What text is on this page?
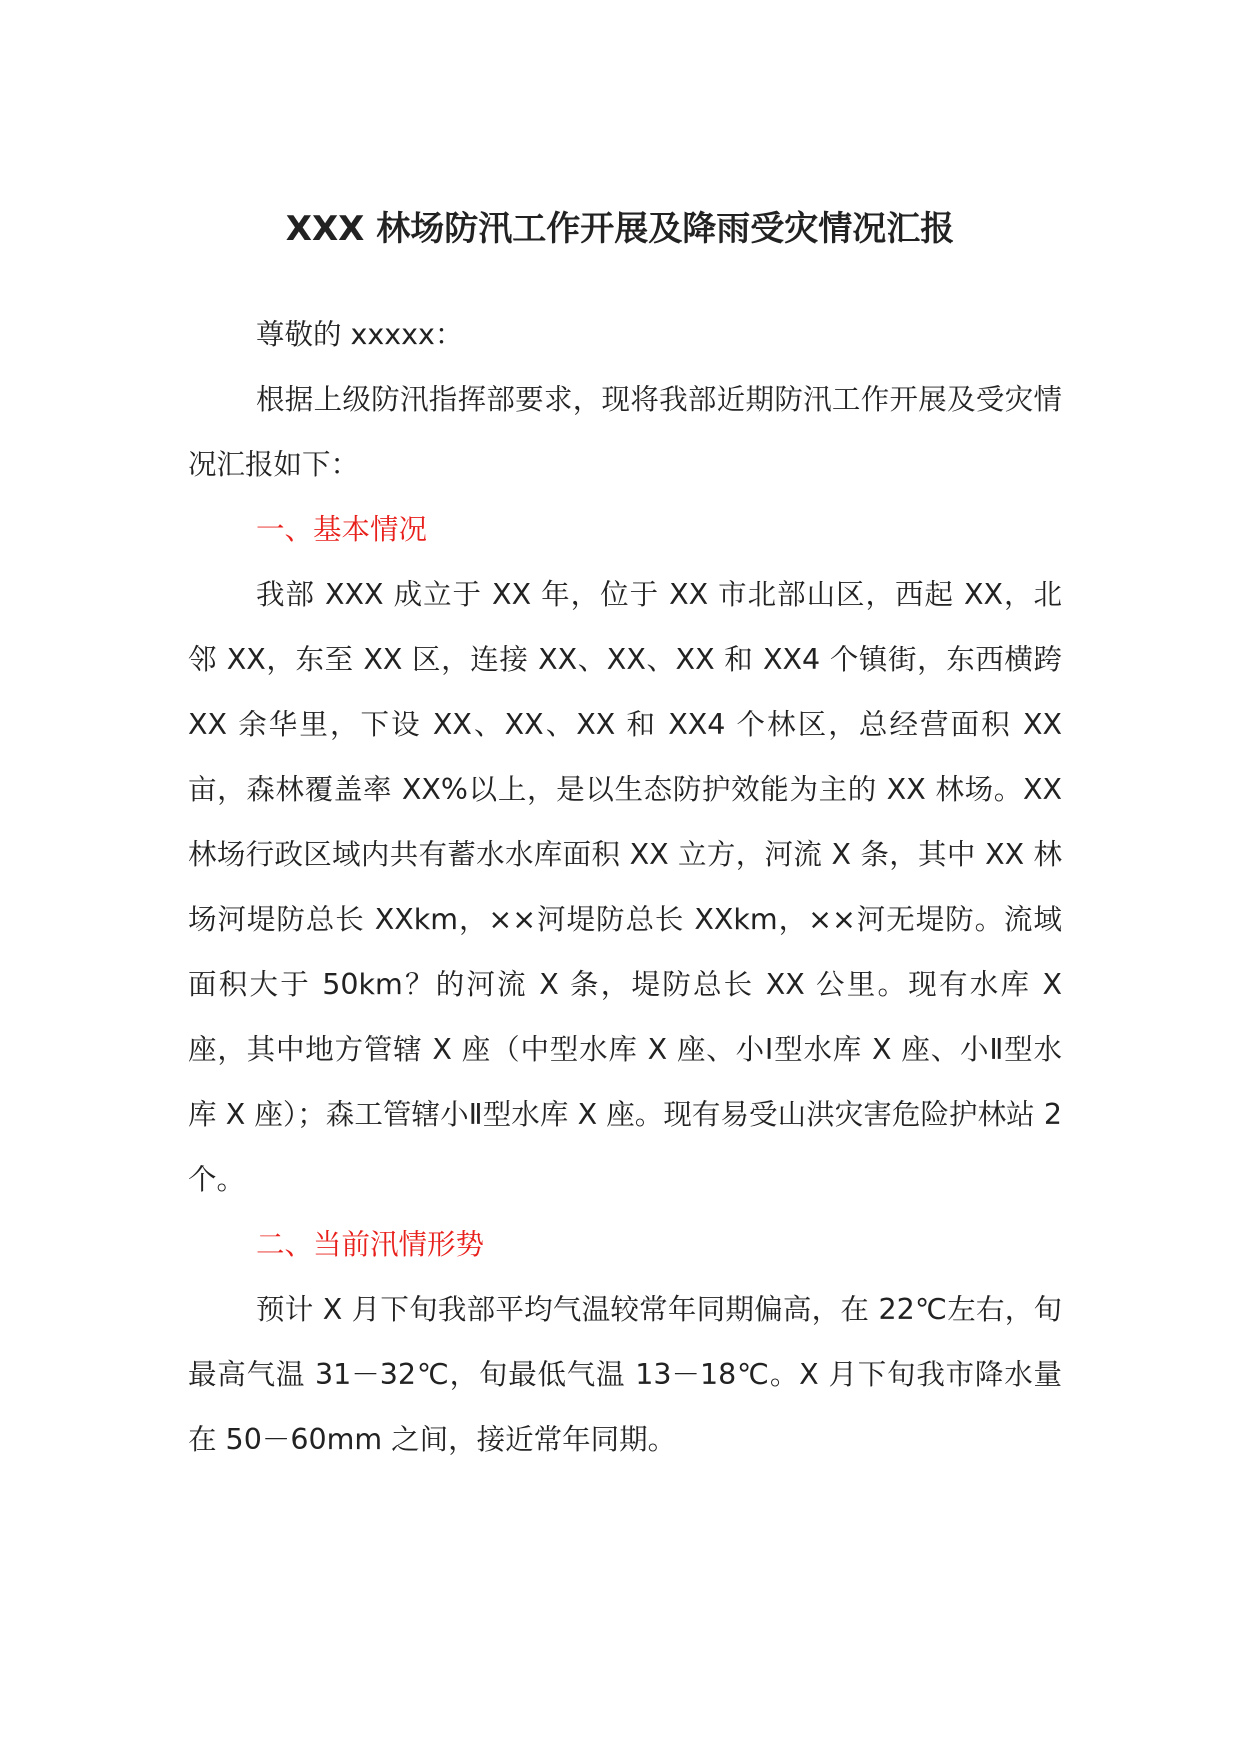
XXX 林场防汛工作开展及降雨受灾情况汇报

尊敬的 xxxxx：

根据上级防汛指挥部要求，现将我部近期防汛工作开展及受灾情况汇报如下：

一、基本情况

我部 XXX 成立于 XX 年，位于 XX 市北部山区，西起 XX，北邻 XX，东至 XX 区，连接 XX、XX、XX 和 XX4 个镇街，东西横跨 XX 余华里，下设 XX、XX、XX 和 XX4 个林区，总经营面积 XX 亩，森林覆盖率 XX%以上，是以生态防护效能为主的 XX 林场。XX 林场行政区域内共有蓄水水库面积 XX 立方，河流 X 条，其中 XX 林场河堤防总长 XXkm，××河堤防总长 XXkm，××河无堤防。流域面积大于 50km？的河流 X 条，堤防总长 XX 公里。现有水库 X 座，其中地方管辖 X 座（中型水库 X 座、小Ⅰ型水库 X 座、小Ⅱ型水库 X 座）；森工管辖小Ⅱ型水库 X 座。现有易受山洪灾害危险护林站 2 个。

二、当前汛情形势

预计 X 月下旬我部平均气温较常年同期偏高，在 22℃左右，旬最高气温 31－32℃，旬最低气温 13－18℃。X 月下旬我市降水量在 50－60mm 之间，接近常年同期。
